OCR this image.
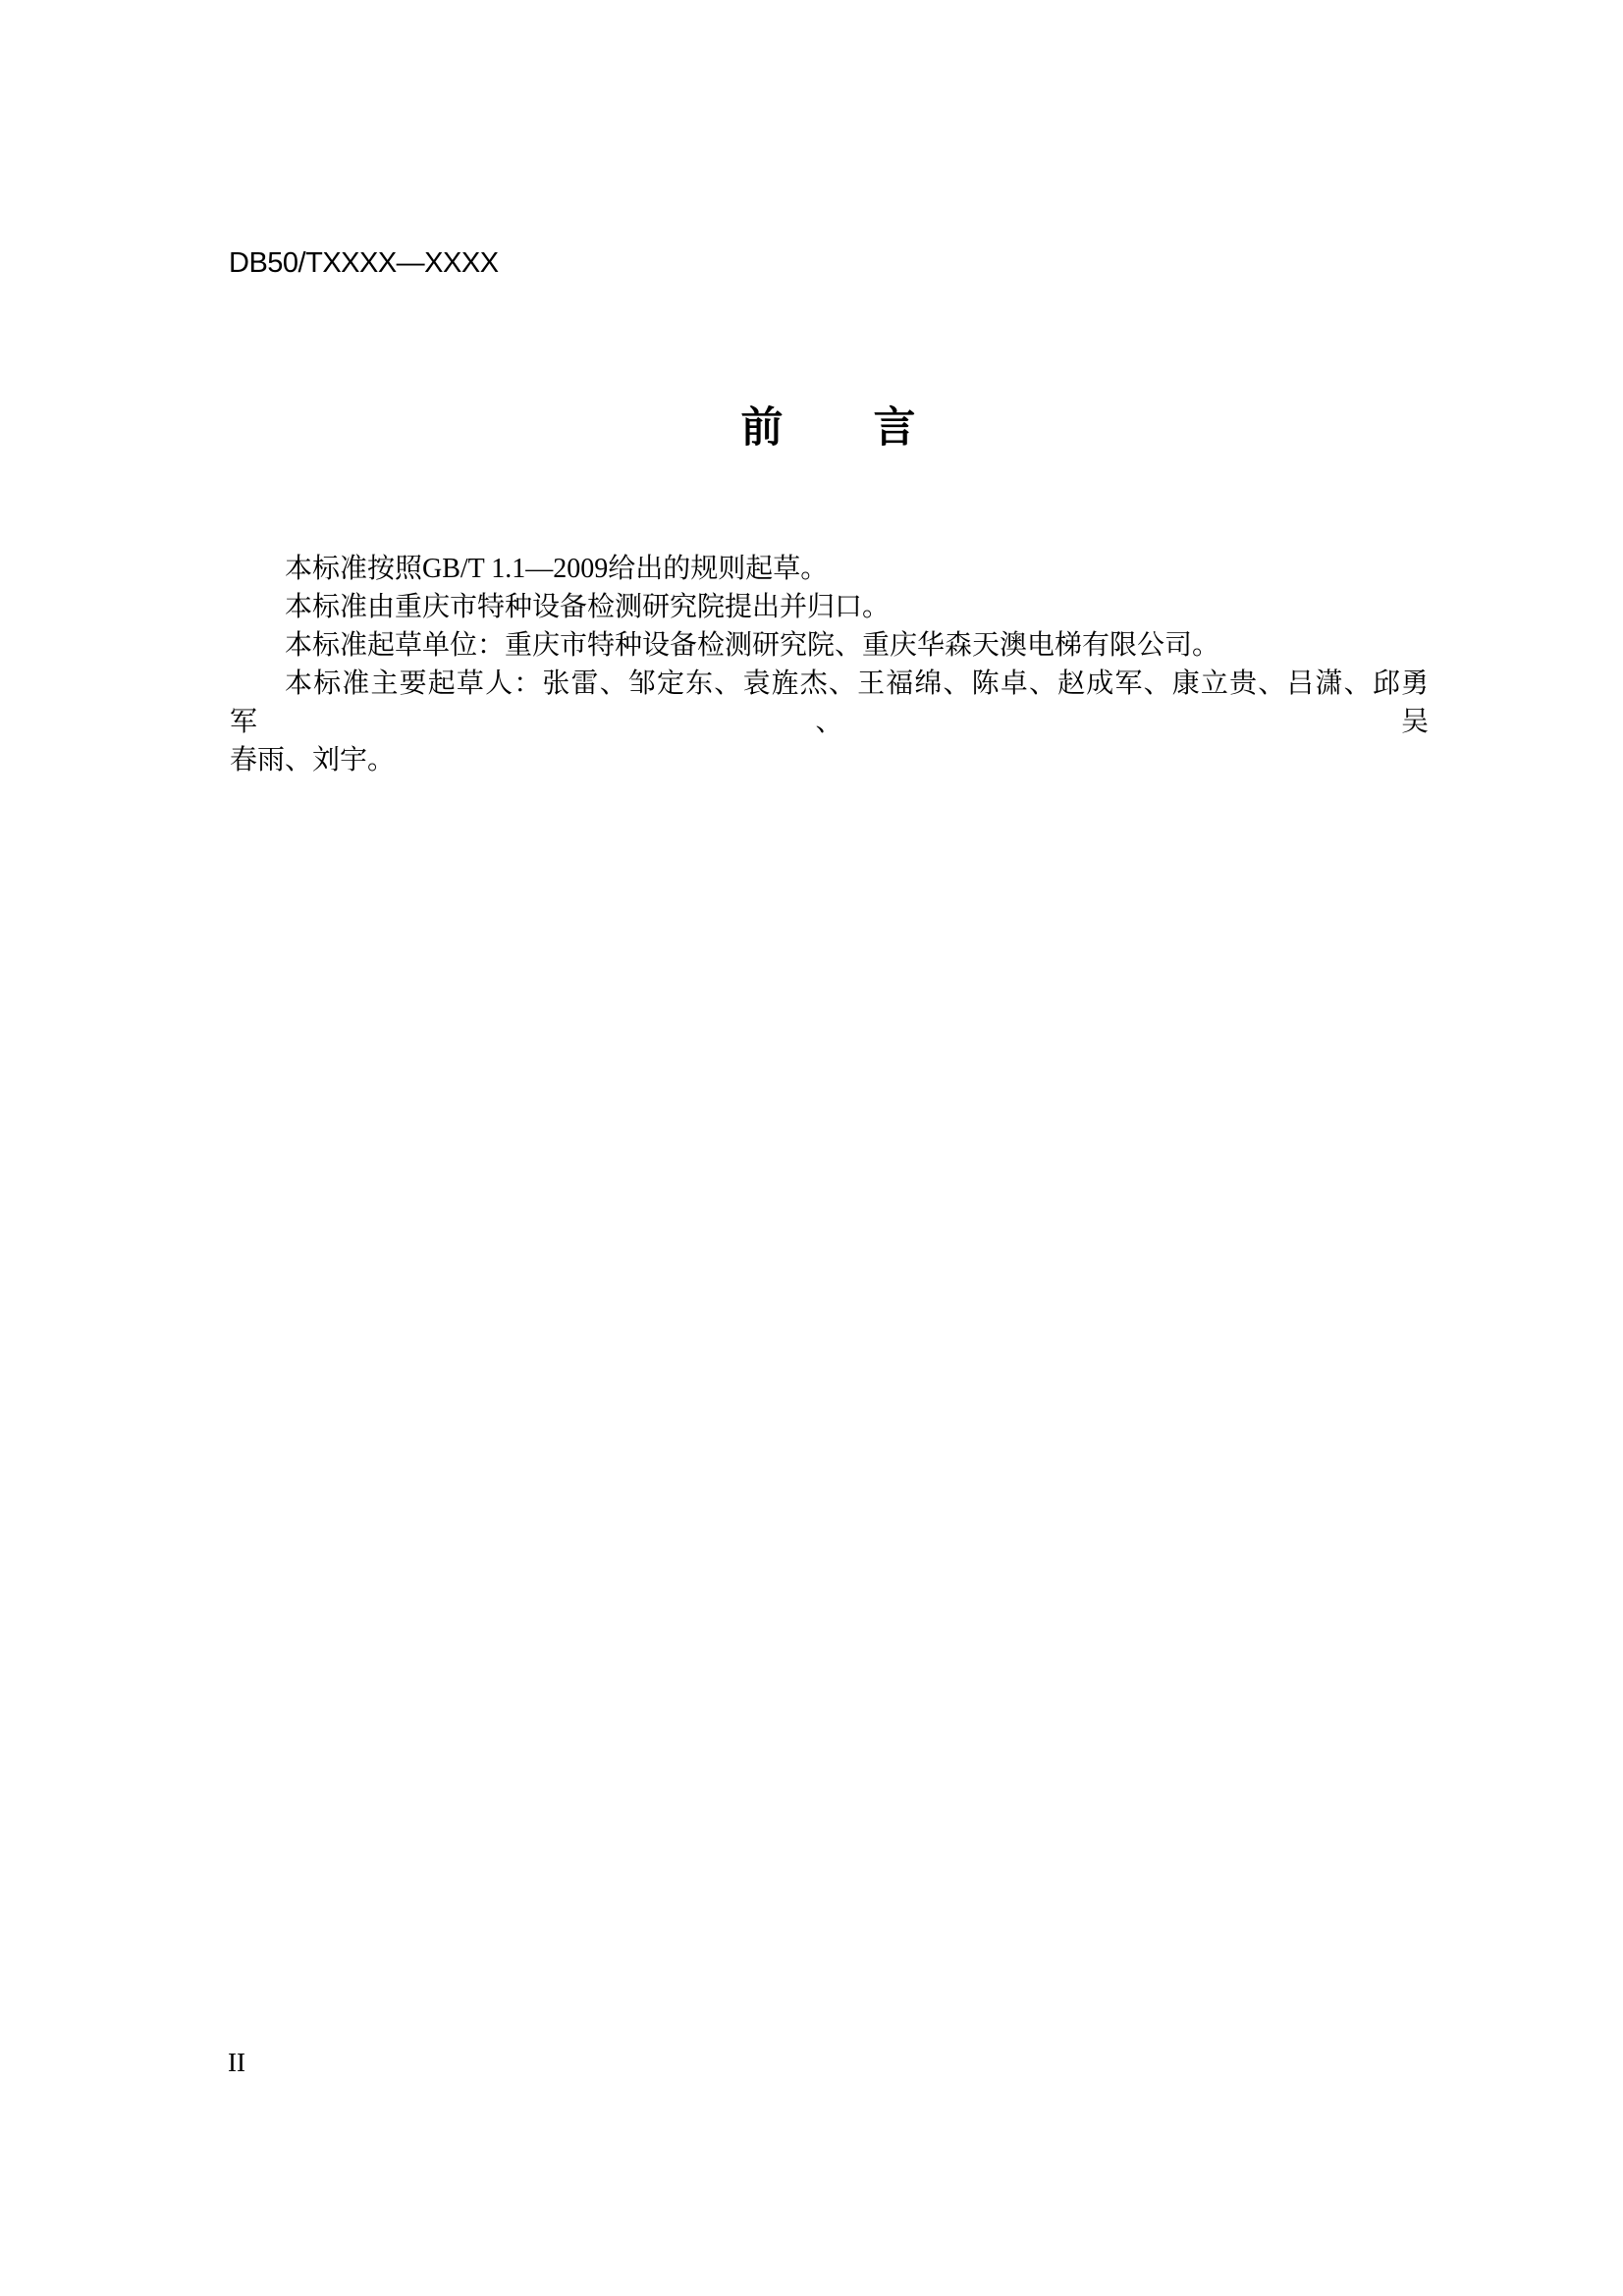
DB50/TXXXX—XXXX
前 言

本标准按照GB/T 1.1—2009给出的规则起草。

本标准由重庆市特种设备检测研究院提出并归口。

本标准起草单位：重庆市特种设备检测研究院、重庆华森天澳电梯有限公司。

本标准主要起草人：张雷、邹定东、袁旌杰、王福绵、陈卓、赵成军、康立贵、吕潇、邱勇军、吴

春雨、刘宇。

II
